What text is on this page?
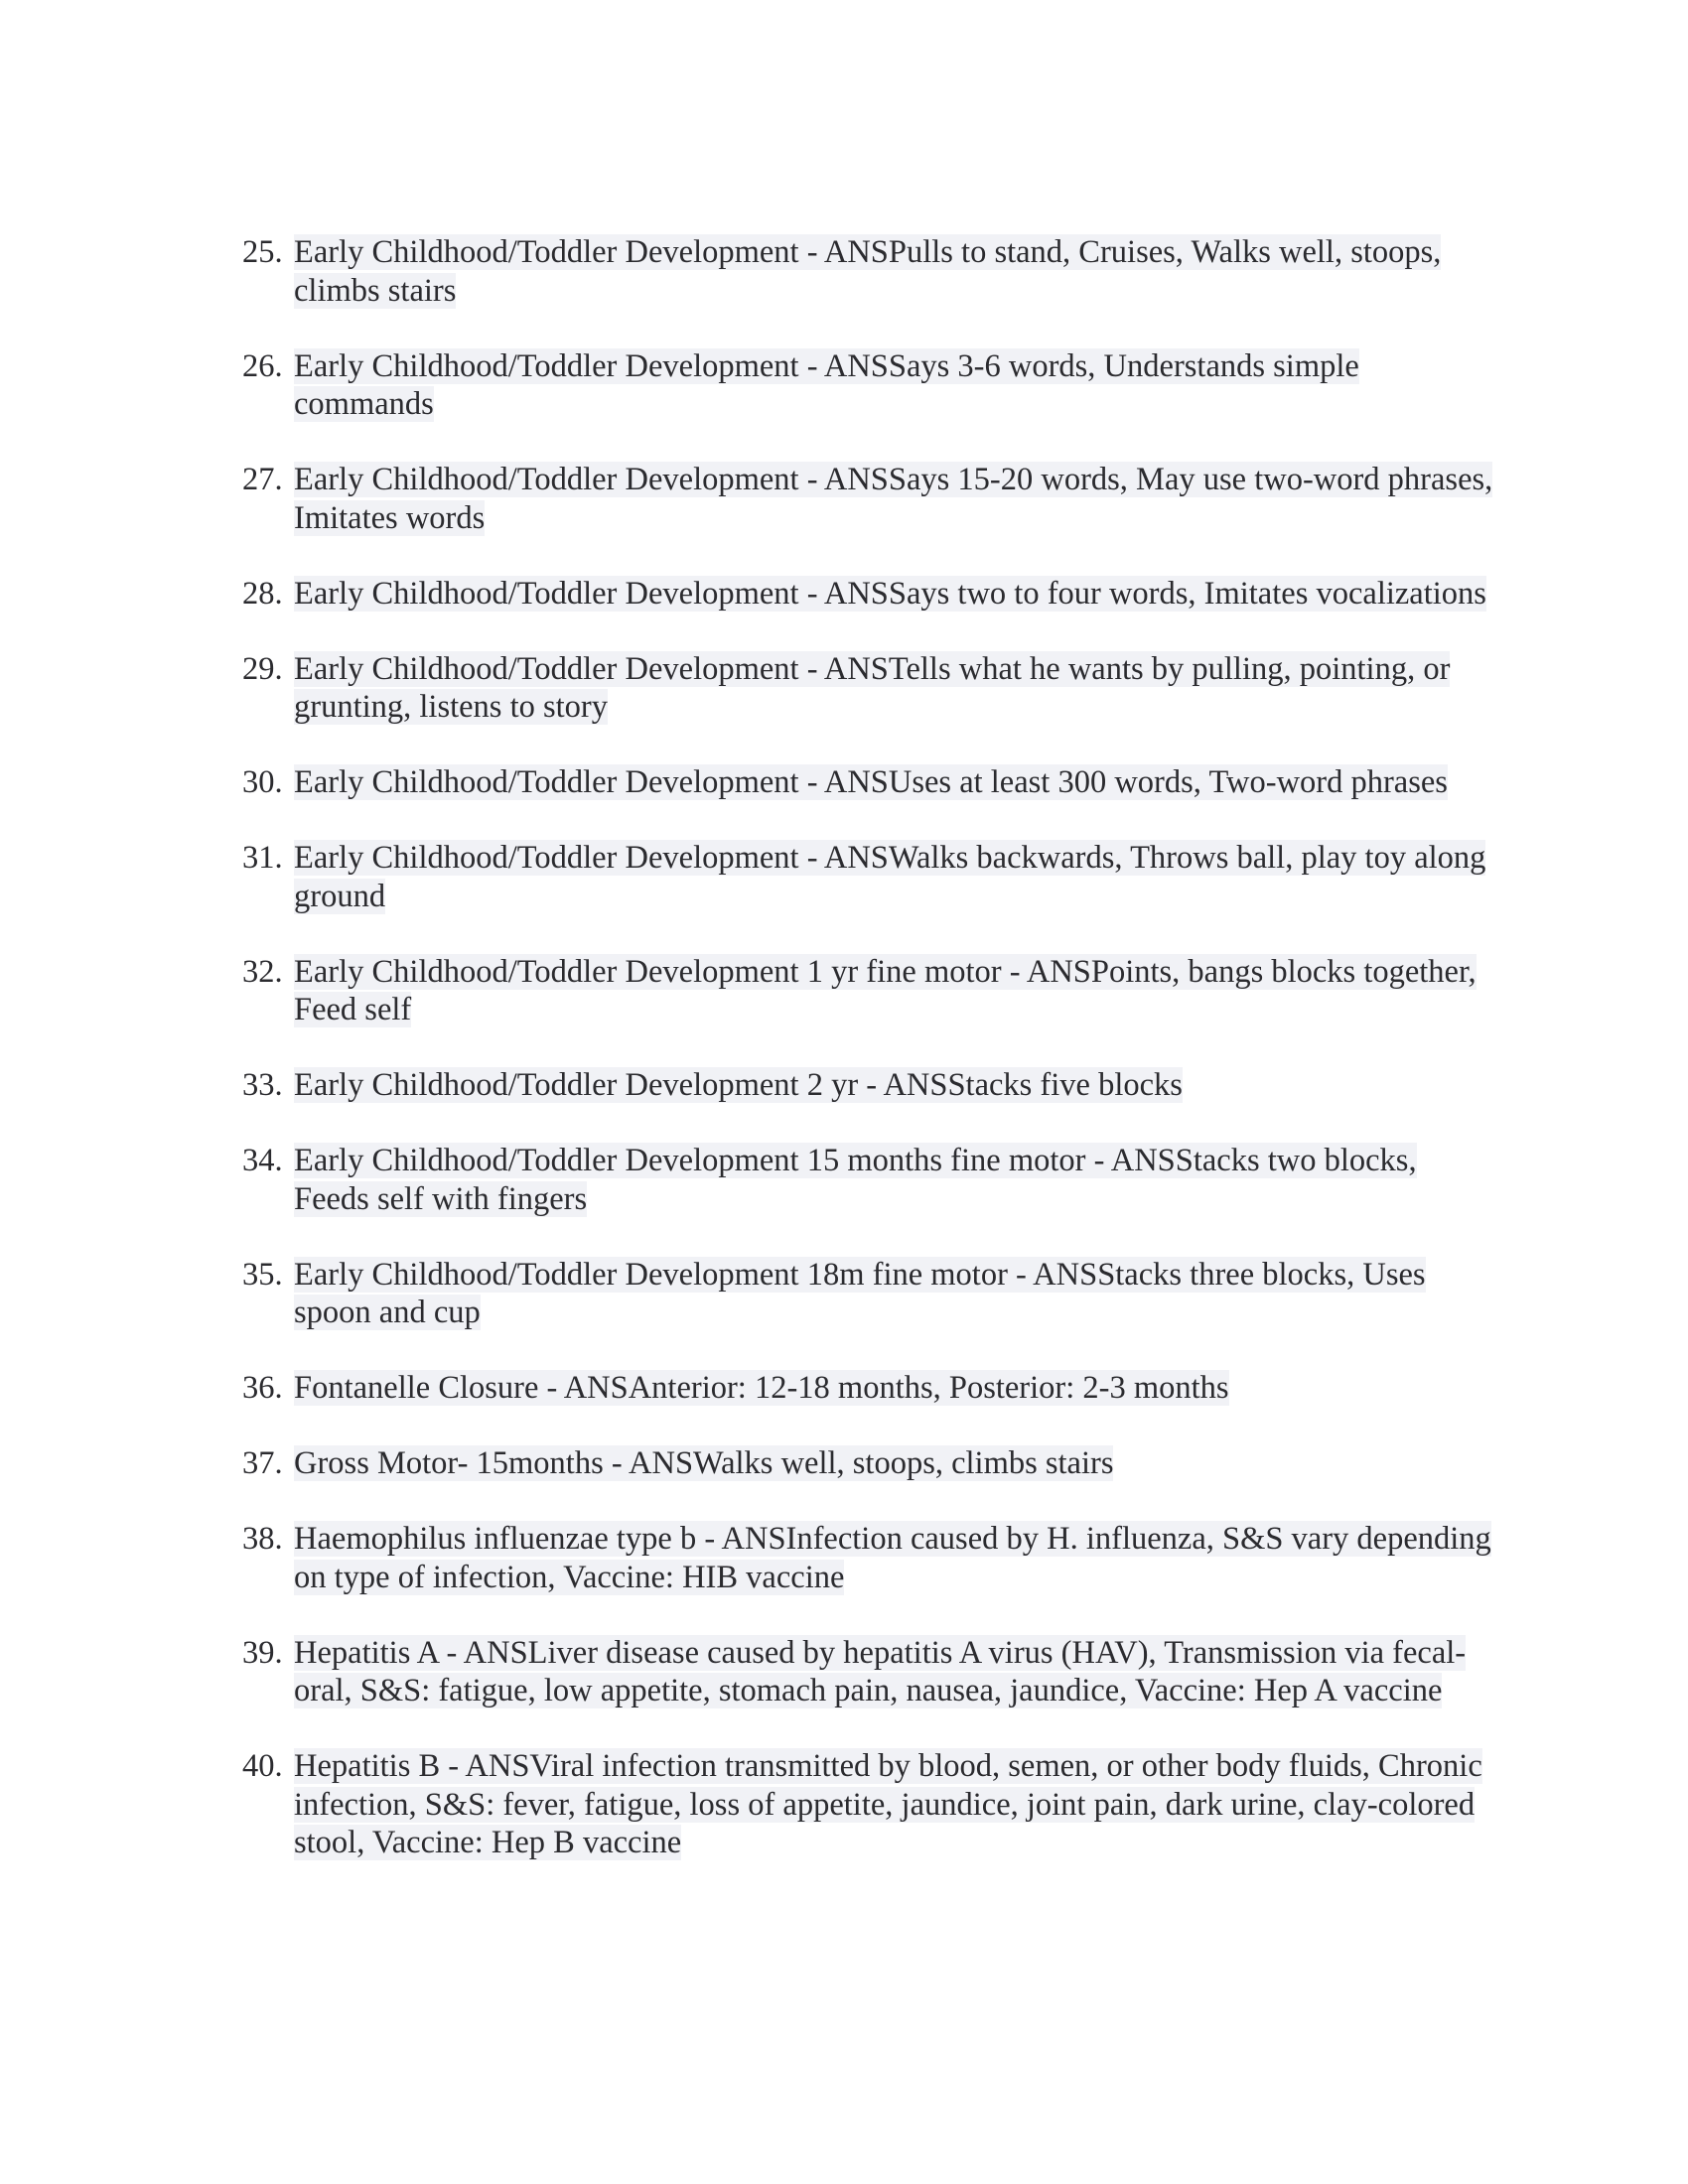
25. Early Childhood/Toddler Development - ANSPulls to stand, Cruises, Walks well, stoops, climbs stairs
26. Early Childhood/Toddler Development - ANSSays 3-6 words, Understands simple commands
27. Early Childhood/Toddler Development - ANSSays 15-20 words, May use two-word phrases, Imitates words
28. Early Childhood/Toddler Development - ANSSays two to four words, Imitates vocalizations
29. Early Childhood/Toddler Development - ANSTells what he wants by pulling, pointing, or grunting, listens to story
30. Early Childhood/Toddler Development - ANSUses at least 300 words, Two-word phrases
31. Early Childhood/Toddler Development - ANSWalks backwards, Throws ball, play toy along ground
32. Early Childhood/Toddler Development 1 yr fine motor - ANSPoints, bangs blocks together, Feed self
33. Early Childhood/Toddler Development 2 yr - ANSStacks five blocks
34. Early Childhood/Toddler Development 15 months fine motor - ANSStacks two blocks, Feeds self with fingers
35. Early Childhood/Toddler Development 18m fine motor - ANSStacks three blocks, Uses spoon and cup
36. Fontanelle Closure - ANSAnterior: 12-18 months, Posterior: 2-3 months
37. Gross Motor- 15months - ANSWalks well, stoops, climbs stairs
38. Haemophilus influenzae type b - ANSInfection caused by H. influenza, S&S vary depending on type of infection, Vaccine: HIB vaccine
39. Hepatitis A - ANSLiver disease caused by hepatitis A virus (HAV), Transmission via fecal-oral, S&S: fatigue, low appetite, stomach pain, nausea, jaundice, Vaccine: Hep A vaccine
40. Hepatitis B - ANSViral infection transmitted by blood, semen, or other body fluids, Chronic infection, S&S: fever, fatigue, loss of appetite, jaundice, joint pain, dark urine, clay-colored stool, Vaccine: Hep B vaccine
